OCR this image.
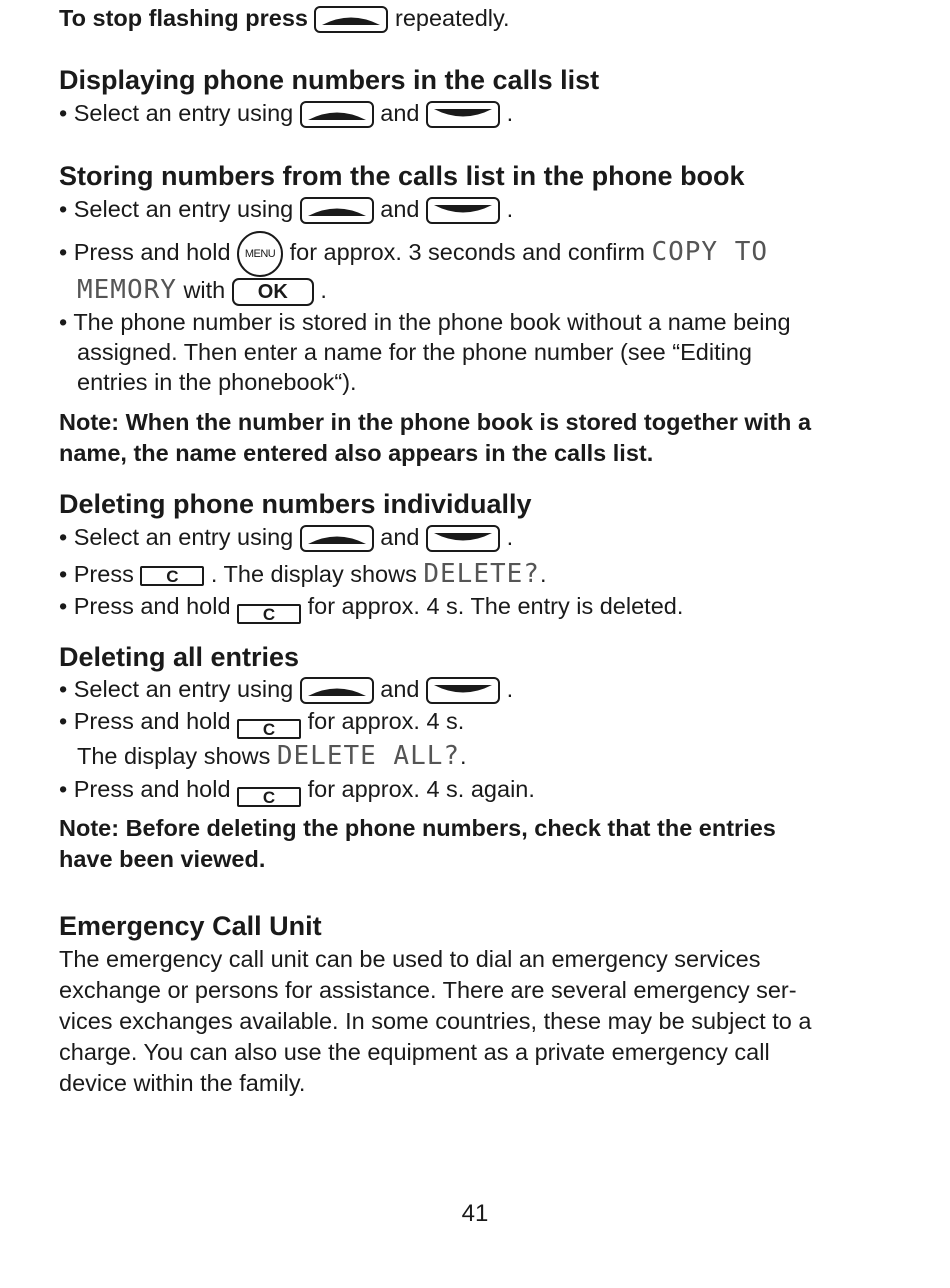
To stop flashing press	repeatedly.
Displaying phone numbers in the calls list
• Select an entry using	and	.
Storing numbers from the calls list in the phone book
• Select an entry using	and	.
• Press and hold MENU for approx. 3 seconds and confirm COPY TO
MEMORY with OK .
• The phone number is stored in the phone book without a name being
assigned. Then enter a name for the phone number (see “Editing
entries in the phonebook“).
Note: When the number in the phone book is stored together with a
name, the name entered also appears in the calls list.
Deleting phone numbers individually
• Select an entry using	and	.
• Press C . The display shows DELETE?.
• Press and hold C for approx. 4 s. The entry is deleted.
Deleting all entries
• Select an entry using	and	.
• Press and hold C for approx. 4 s.
The display shows DELETE ALL?.
• Press and hold C for approx. 4 s. again.
Note: Before deleting the phone numbers, check that the entries
have been viewed.
Emergency Call Unit
The emergency call unit can be used to dial an emergency services
exchange or persons for assistance. There are several emergency ser-
vices exchanges available. In some countries, these may be subject to a
charge. You can also use the equipment as a private emergency call
device within the family.
41
